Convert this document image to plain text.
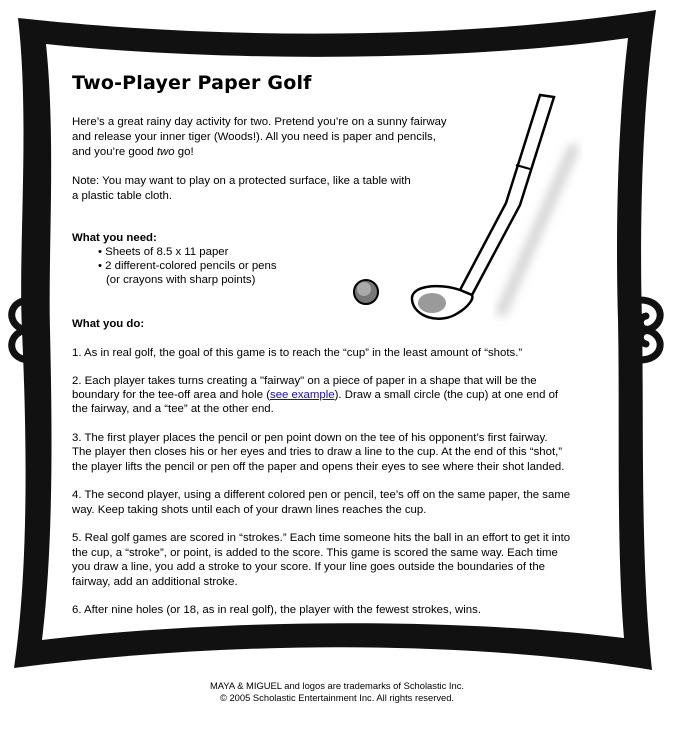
Two-Player Paper Golf

Here’s a great rainy day activity for two. Pretend you’re on a sunny fairway

and release your inner tiger (Woods!). All you need is paper and pencils,

and you’re good two go!

Note: You may want to play on a protected surface, like a table with

a plastic table cloth.

What you need:

• Sheets of 8.5 x 11 paper

• 2 different-colored pencils or pens

(or crayons with sharp points)

What you do:

1. As in real golf, the goal of this game is to reach the “cup” in the least amount of “shots.”

2. Each player takes turns creating a "fairway" on a piece of paper in a shape that will be the

boundary for the tee-off area and hole (see example). Draw a small circle (the cup) at one end of

the fairway, and a “tee” at the other end.

3. The first player places the pencil or pen point down on the tee of his opponent’s first fairway.

The player then closes his or her eyes and tries to draw a line to the cup. At the end of this “shot,”

the player lifts the pencil or pen off the paper and opens their eyes to see where their shot landed.

4. The second player, using a different colored pen or pencil, tee’s off on the same paper, the same

way. Keep taking shots until each of your drawn lines reaches the cup.

5. Real golf games are scored in “strokes.” Each time someone hits the ball in an effort to get it into

the cup, a “stroke”, or point, is added to the score. This game is scored the same way. Each time

you draw a line, you add a stroke to your score. If your line goes outside the boundaries of the

fairway, add an additional stroke.

6. After nine holes (or 18, as in real golf), the player with the fewest strokes, wins.

MAYA & MIGUEL and logos are trademarks of Scholastic Inc.
© 2005 Scholastic Entertainment Inc. All rights reserved.
